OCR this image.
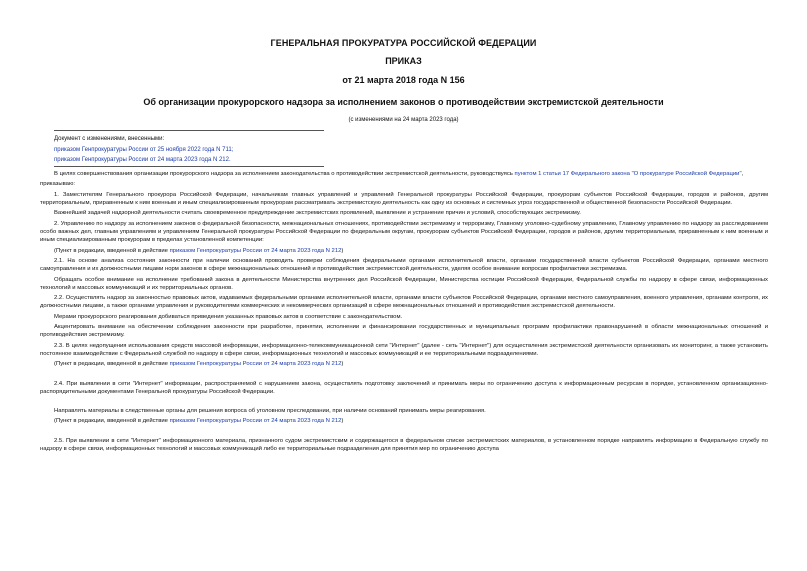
ГЕНЕРАЛЬНАЯ ПРОКУРАТУРА РОССИЙСКОЙ ФЕДЕРАЦИИ
ПРИКАЗ
от 21 марта 2018 года N 156
Об организации прокурорского надзора за исполнением законов о противодействии экстремистской деятельности
(с изменениями на 24 марта 2023 года)
Документ с изменениями, внесенными:
приказом Генпрокуратуры России от 25 ноября 2022 года N 711;
приказом Генпрокуратуры России от 24 марта 2023 года N 212.

В целях совершенствования организации прокурорского надзора за исполнением законодательства о противодействии экстремистской деятельности, руководствуясь пунктом 1 статьи 17 Федерального закона "О прокуратуре Российской Федерации",

приказываю:

1. Заместителям Генерального прокурора Российской Федерации, начальникам главных управлений и управлений Генеральной прокуратуры Российской Федерации, прокурорам субъектов Российской Федерации, городов и районов, другим территориальным, приравненным к ним военным и иным специализированным прокурорам рассматривать экстремистскую деятельность как одну из основных и системных угроз государственной и общественной безопасности Российской Федерации.

Важнейшей задачей надзорной деятельности считать своевременное предупреждение экстремистских проявлений, выявление и устранение причин и условий, способствующих экстремизму.

2. Управлению по надзору за исполнением законов о федеральной безопасности, межнациональных отношениях, противодействии экстремизму и терроризму, Главному уголовно-судебному управлению, Главному управлению по надзору за расследованием особо важных дел, главным управлениям и управлениям Генеральной прокуратуры Российской Федерации по федеральным округам, прокурорам субъектов Российской Федерации, городов и районов, другим территориальным, приравненным к ним военным и иным специализированным прокурорам в пределах установленной компетенции:

(Пункт в редакции, введенной в действие приказом Генпрокуратуры России от 24 марта 2023 года N 212)

2.1. На основе анализа состояния законности при наличии оснований проводить проверки соблюдения федеральными органами исполнительной власти, органами государственной власти субъектов Российской Федерации, органами местного самоуправления и их должностными лицами норм законов в сфере межнациональных отношений и противодействия экстремистской деятельности, уделяя особое внимание вопросам профилактики экстремизма.

Обращать особое внимание на исполнение требований закона в деятельности Министерства внутренних дел Российской Федерации, Министерства юстиции Российской Федерации, Федеральной службы по надзору в сфере связи, информационных технологий и массовых коммуникаций и их территориальных органов.

2.2. Осуществлять надзор за законностью правовых актов, издаваемых федеральными органами исполнительной власти, органами власти субъектов Российской Федерации, органами местного самоуправления, военного управления, органами контроля, их должностными лицами, а также органами управления и руководителями коммерческих и некоммерческих организаций в сфере межнациональных отношений и противодействия экстремистской деятельности.

Мерами прокурорского реагирования добиваться приведения указанных правовых актов в соответствие с законодательством.

Акцентировать внимание на обеспечении соблюдения законности при разработке, принятии, исполнении и финансировании государственных и муниципальных программ профилактики правонарушений в области межнациональных отношений и противодействия экстремизму.

2.3. В целях недопущения использования средств массовой информации, информационно-телекоммуникационной сети "Интернет" (далее - сеть "Интернет") для осуществления экстремистской деятельности организовать их мониторинг, а также установить постоянное взаимодействие с Федеральной службой по надзору в сфере связи, информационных технологий и массовых коммуникаций и ее территориальными подразделениями.

(Пункт в редакции, введенной в действие приказом Генпрокуратуры России от 24 марта 2023 года N 212)

2.4. При выявлении в сети "Интернет" информации, распространяемой с нарушением закона, осуществлять подготовку заключений и принимать меры по ограничению доступа к информационным ресурсам в порядке, установленном организационно-распорядительными документами Генеральной прокуратуры Российской Федерации.

Направлять материалы в следственные органы для решения вопроса об уголовном преследовании, при наличии оснований принимать меры реагирования.

(Пункт в редакции, введенной в действие приказом Генпрокуратуры России от 24 марта 2023 года N 212)

2.5. При выявлении в сети "Интернет" информационного материала, признанного судом экстремистским и содержащегося в федеральном списке экстремистских материалов, в установленном порядке направлять информацию в Федеральную службу по надзору в сфере связи, информационных технологий и массовых коммуникаций либо ее территориальные подразделения для принятия мер по ограничению доступа
